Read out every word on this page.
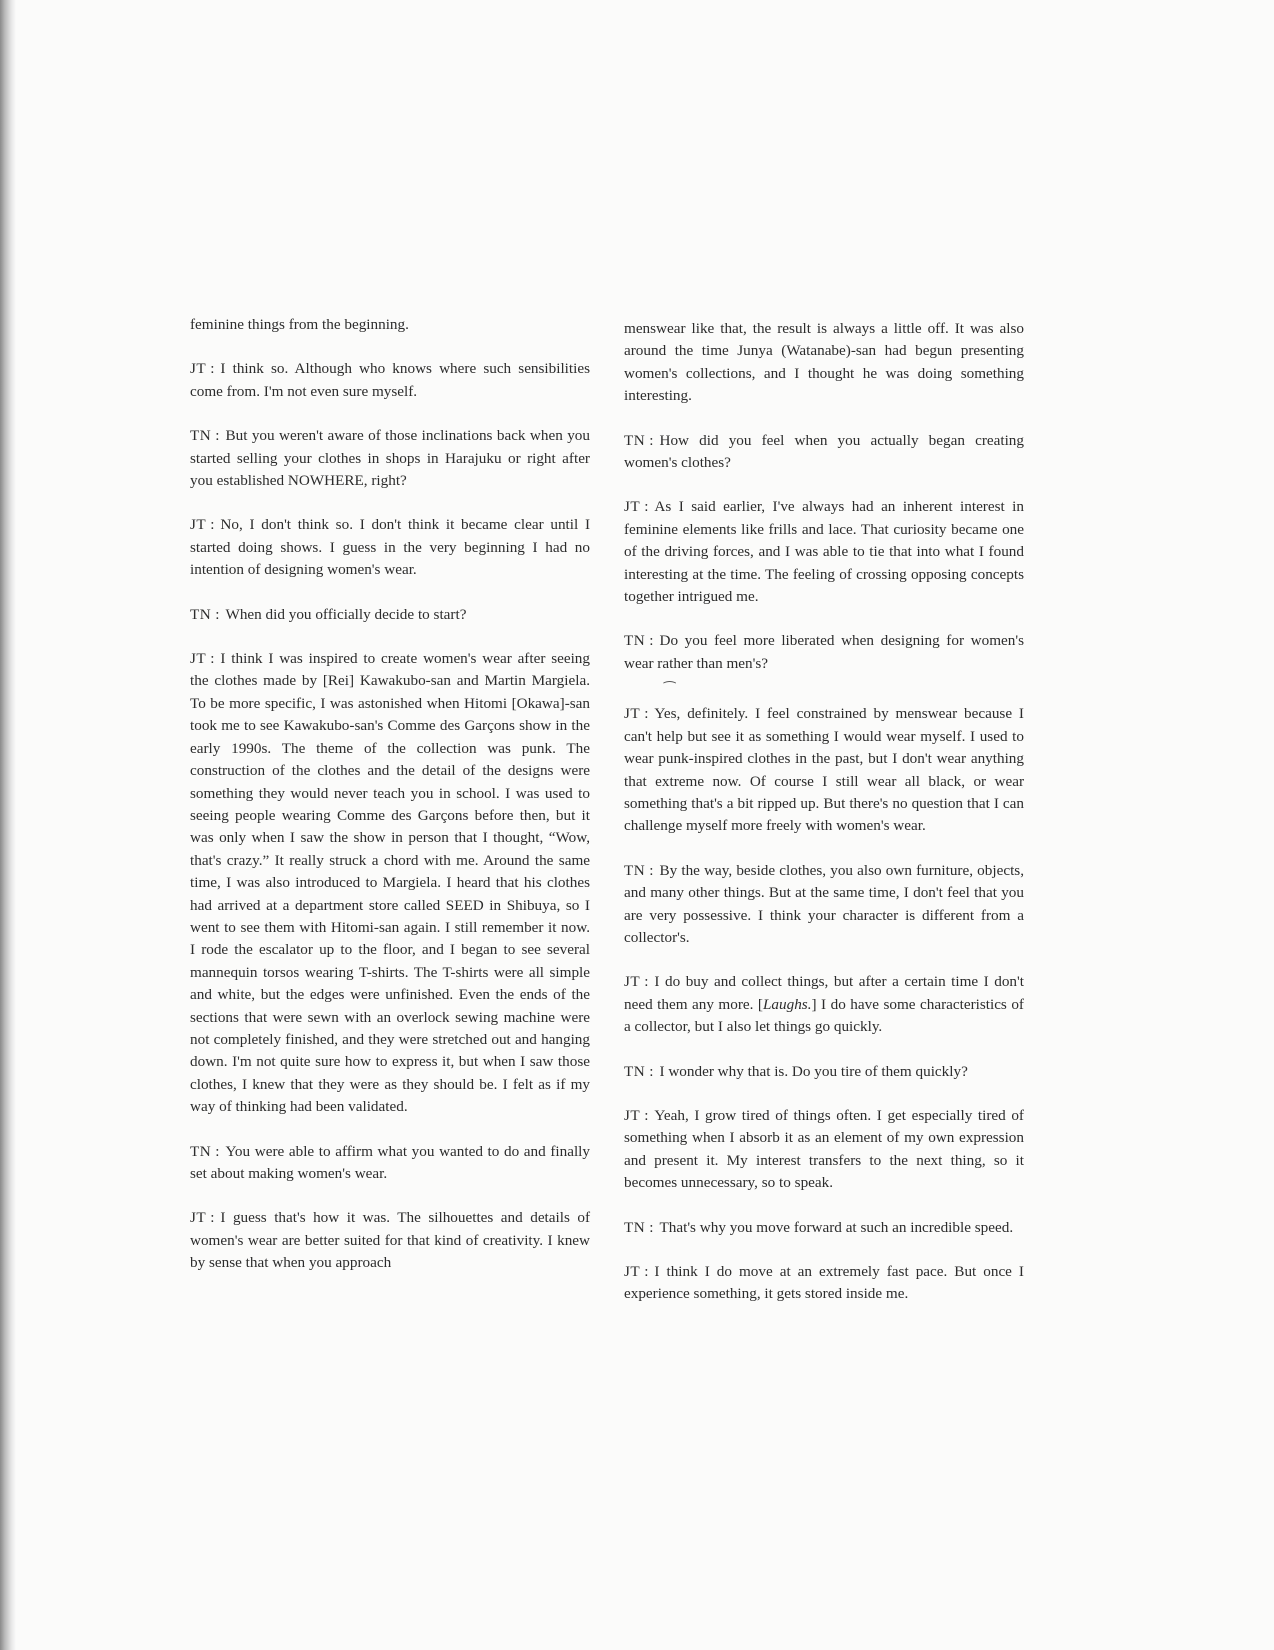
feminine things from the beginning.

JT : I think so. Although who knows where such sensibilities come from. I'm not even sure myself.

TN : But you weren't aware of those inclinations back when you started selling your clothes in shops in Harajuku or right after you established NOWHERE, right?

JT : No, I don't think so. I don't think it became clear until I started doing shows. I guess in the very beginning I had no intention of designing women's wear.

TN : When did you officially decide to start?

JT : I think I was inspired to create women's wear after seeing the clothes made by [Rei] Kawakubo-san and Martin Margiela. To be more specific, I was astonished when Hitomi [Okawa]-san took me to see Kawakubo-san's Comme des Garçons show in the early 1990s. The theme of the collection was punk. The construction of the clothes and the detail of the designs were something they would never teach you in school. I was used to seeing people wearing Comme des Garçons before then, but it was only when I saw the show in person that I thought, “Wow, that's crazy.” It really struck a chord with me. Around the same time, I was also introduced to Margiela. I heard that his clothes had arrived at a department store called SEED in Shibuya, so I went to see them with Hitomi-san again. I still remember it now. I rode the escalator up to the floor, and I began to see several mannequin torsos wearing T-shirts. The T-shirts were all simple and white, but the edges were unfinished. Even the ends of the sections that were sewn with an overlock sewing machine were not completely finished, and they were stretched out and hanging down. I'm not quite sure how to express it, but when I saw those clothes, I knew that they were as they should be. I felt as if my way of thinking had been validated.

TN : You were able to affirm what you wanted to do and finally set about making women's wear.

JT : I guess that's how it was. The silhouettes and details of women's wear are better suited for that kind of creativity. I knew by sense that when you approach

menswear like that, the result is always a little off. It was also around the time Junya (Watanabe)-san had begun presenting women's collections, and I thought he was doing something interesting.

TN : How did you feel when you actually began creating women's clothes?

JT : As I said earlier, I've always had an inherent interest in feminine elements like frills and lace. That curiosity became one of the driving forces, and I was able to tie that into what I found interesting at the time. The feeling of crossing opposing concepts together intrigued me.

TN : Do you feel more liberated when designing for women's wear rather than men's?

⁀

JT : Yes, definitely. I feel constrained by menswear because I can't help but see it as something I would wear myself. I used to wear punk-inspired clothes in the past, but I don't wear anything that extreme now. Of course I still wear all black, or wear something that's a bit ripped up. But there's no question that I can challenge myself more freely with women's wear.

TN : By the way, beside clothes, you also own furniture, objects, and many other things. But at the same time, I don't feel that you are very possessive. I think your character is different from a collector's.

JT : I do buy and collect things, but after a certain time I don't need them any more. [Laughs.] I do have some characteristics of a collector, but I also let things go quickly.

TN : I wonder why that is. Do you tire of them quickly?

JT : Yeah, I grow tired of things often. I get especially tired of something when I absorb it as an element of my own expression and present it. My interest transfers to the next thing, so it becomes unnecessary, so to speak.

TN : That's why you move forward at such an incredible speed.

JT : I think I do move at an extremely fast pace. But once I experience something, it gets stored inside me.
